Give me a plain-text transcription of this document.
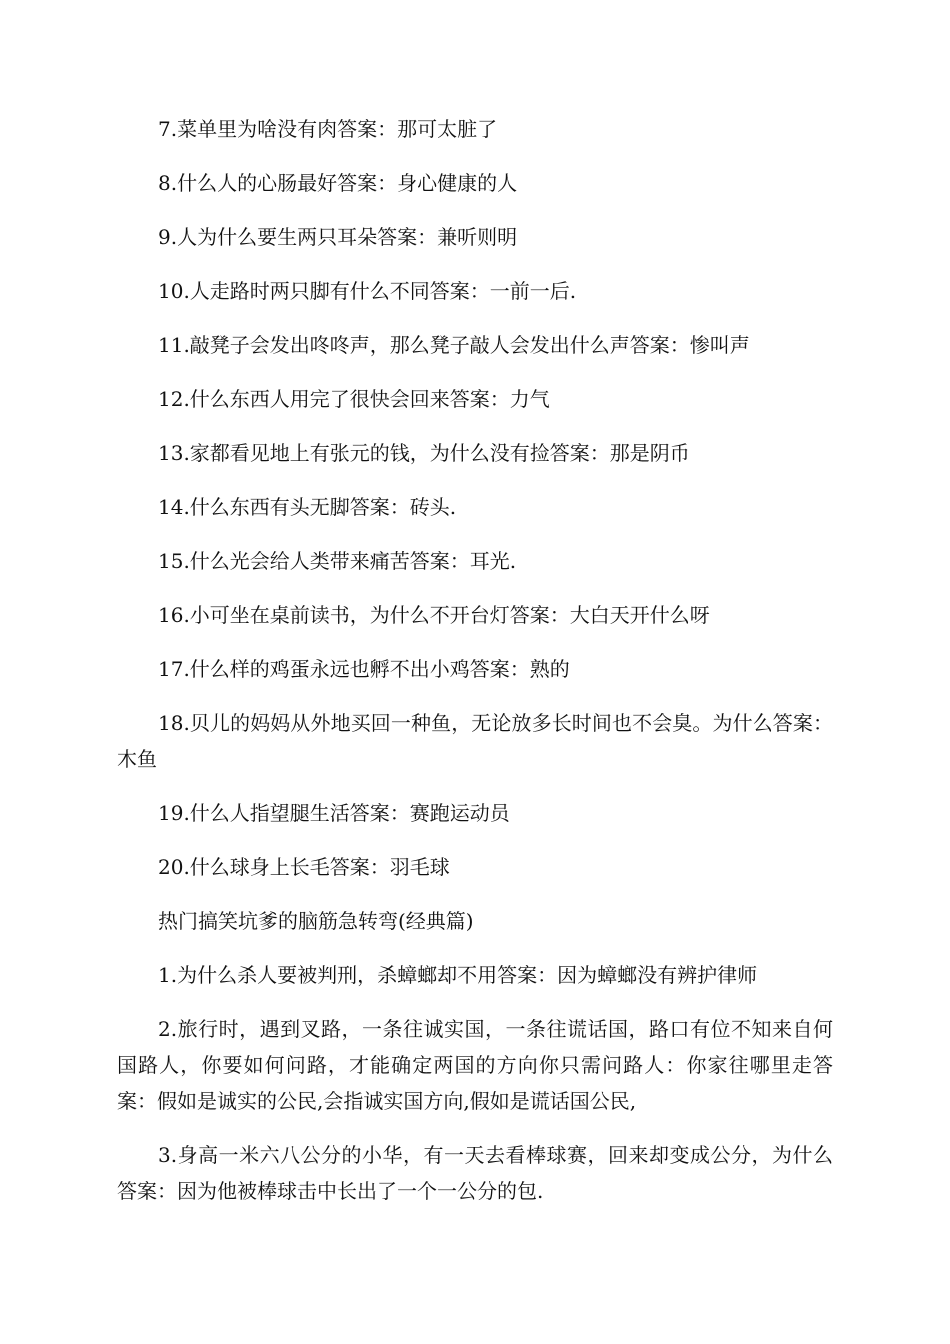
7.菜单里为啥没有肉答案：那可太脏了

8.什么人的心肠最好答案：身心健康的人

9.人为什么要生两只耳朵答案：兼听则明

10.人走路时两只脚有什么不同答案：一前一后.

11.敲凳子会发出咚咚声，那么凳子敲人会发出什么声答案：惨叫声

12.什么东西人用完了很快会回来答案：力气

13.家都看见地上有张元的钱，为什么没有捡答案：那是阴币

14.什么东西有头无脚答案：砖头.

15.什么光会给人类带来痛苦答案：耳光.

16.小可坐在桌前读书，为什么不开台灯答案：大白天开什么呀

17.什么样的鸡蛋永远也孵不出小鸡答案：熟的

18.贝儿的妈妈从外地买回一种鱼，无论放多长时间也不会臭。为什么答案：木鱼

19.什么人指望腿生活答案：赛跑运动员

20.什么球身上长毛答案：羽毛球

热门搞笑坑爹的脑筋急转弯(经典篇)

1.为什么杀人要被判刑，杀蟑螂却不用答案：因为蟑螂没有辨护律师

2.旅行时，遇到叉路，一条往诚实国，一条往谎话国，路口有位不知来自何国路人，你要如何问路，才能确定两国的方向你只需问路人：你家往哪里走答案：假如是诚实的公民,会指诚实国方向,假如是谎话国公民,

3.身高一米六八公分的小华，有一天去看棒球赛，回来却变成公分，为什么答案：因为他被棒球击中长出了一个一公分的包.
